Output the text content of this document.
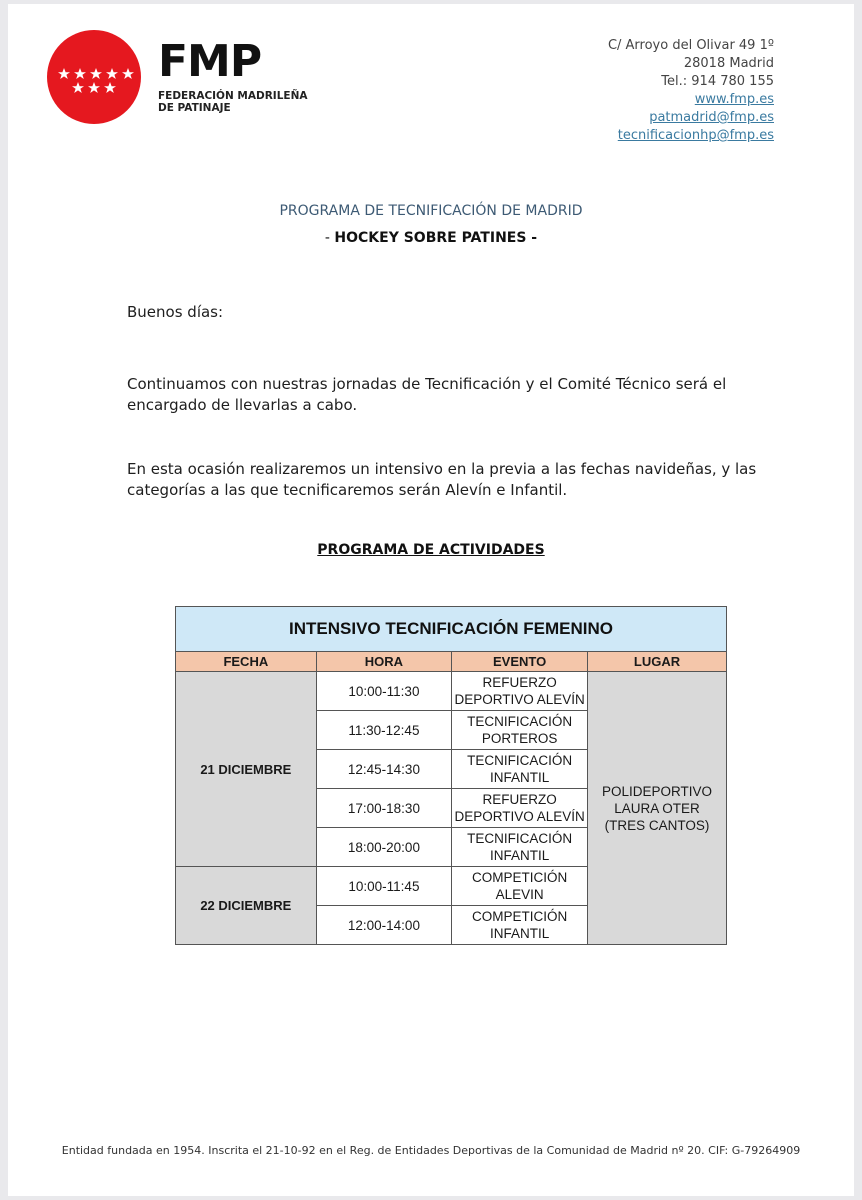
FMP
FEDERACIÓN MADRILEÑA
DE PATINAJE
C/ Arroyo del Olivar 49 1º
28018 Madrid
Tel.: 914 780 155
www.fmp.es
patmadrid@fmp.es
tecnificacionhp@fmp.es
PROGRAMA DE TECNIFICACIÓN DE MADRID
- HOCKEY SOBRE PATINES -
Buenos días:
Continuamos con nuestras jornadas de Tecnificación y el Comité Técnico será el encargado de llevarlas a cabo.
En esta ocasión realizaremos un intensivo en la previa a las fechas navideñas, y las categorías a las que tecnificaremos serán Alevín e Infantil.
PROGRAMA DE ACTIVIDADES
INTENSIVO TECNIFICACIÓN FEMENINO			
FECHA	HORA	EVENTO	LUGAR
21 DICIEMBRE	10:00-11:30	REFUERZO DEPORTIVO ALEVÍN	POLIDEPORTIVO LAURA OTER (TRES CANTOS)
	11:30-12:45	TECNIFICACIÓN PORTEROS	
	12:45-14:30	TECNIFICACIÓN INFANTIL	
	17:00-18:30	REFUERZO DEPORTIVO ALEVÍN	
	18:00-20:00	TECNIFICACIÓN INFANTIL	
22 DICIEMBRE	10:00-11:45	COMPETICIÓN ALEVIN	
	12:00-14:00	COMPETICIÓN INFANTIL	
Entidad fundada en 1954. Inscrita el 21-10-92 en el Reg. de Entidades Deportivas de la Comunidad de Madrid nº 20. CIF: G-79264909
